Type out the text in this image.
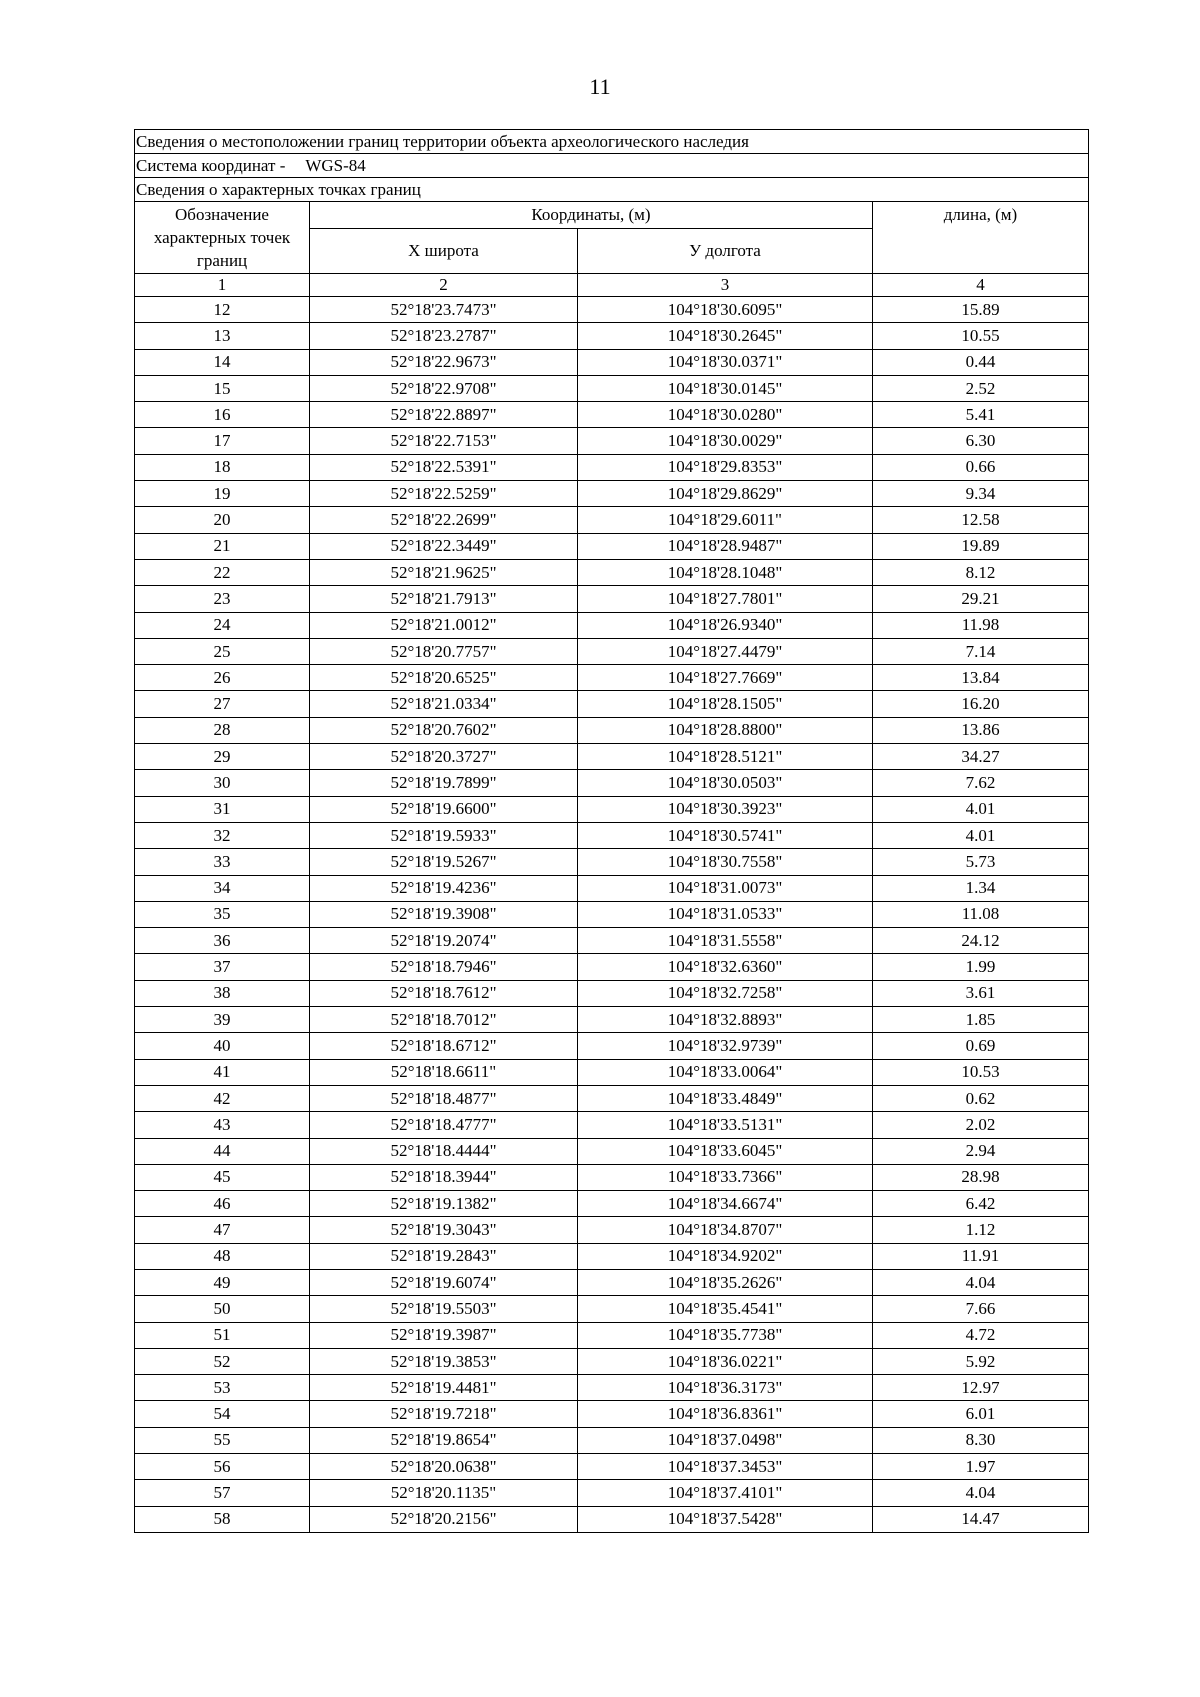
11
Сведения о местоположении границ территории объекта археологического наследия			
Система координат - WGS-84			
Сведения о характерных точках границ			
Обозначение характерных точек границ	Координаты, (м)		длина, (м)
	Х широта	У долгота	
1	2	3	4
12	52°18'23.7473"	104°18'30.6095"	15.89
13	52°18'23.2787"	104°18'30.2645"	10.55
14	52°18'22.9673"	104°18'30.0371"	0.44
15	52°18'22.9708"	104°18'30.0145"	2.52
16	52°18'22.8897"	104°18'30.0280"	5.41
17	52°18'22.7153"	104°18'30.0029"	6.30
18	52°18'22.5391"	104°18'29.8353"	0.66
19	52°18'22.5259"	104°18'29.8629"	9.34
20	52°18'22.2699"	104°18'29.6011"	12.58
21	52°18'22.3449"	104°18'28.9487"	19.89
22	52°18'21.9625"	104°18'28.1048"	8.12
23	52°18'21.7913"	104°18'27.7801"	29.21
24	52°18'21.0012"	104°18'26.9340"	11.98
25	52°18'20.7757"	104°18'27.4479"	7.14
26	52°18'20.6525"	104°18'27.7669"	13.84
27	52°18'21.0334"	104°18'28.1505"	16.20
28	52°18'20.7602"	104°18'28.8800"	13.86
29	52°18'20.3727"	104°18'28.5121"	34.27
30	52°18'19.7899"	104°18'30.0503"	7.62
31	52°18'19.6600"	104°18'30.3923"	4.01
32	52°18'19.5933"	104°18'30.5741"	4.01
33	52°18'19.5267"	104°18'30.7558"	5.73
34	52°18'19.4236"	104°18'31.0073"	1.34
35	52°18'19.3908"	104°18'31.0533"	11.08
36	52°18'19.2074"	104°18'31.5558"	24.12
37	52°18'18.7946"	104°18'32.6360"	1.99
38	52°18'18.7612"	104°18'32.7258"	3.61
39	52°18'18.7012"	104°18'32.8893"	1.85
40	52°18'18.6712"	104°18'32.9739"	0.69
41	52°18'18.6611"	104°18'33.0064"	10.53
42	52°18'18.4877"	104°18'33.4849"	0.62
43	52°18'18.4777"	104°18'33.5131"	2.02
44	52°18'18.4444"	104°18'33.6045"	2.94
45	52°18'18.3944"	104°18'33.7366"	28.98
46	52°18'19.1382"	104°18'34.6674"	6.42
47	52°18'19.3043"	104°18'34.8707"	1.12
48	52°18'19.2843"	104°18'34.9202"	11.91
49	52°18'19.6074"	104°18'35.2626"	4.04
50	52°18'19.5503"	104°18'35.4541"	7.66
51	52°18'19.3987"	104°18'35.7738"	4.72
52	52°18'19.3853"	104°18'36.0221"	5.92
53	52°18'19.4481"	104°18'36.3173"	12.97
54	52°18'19.7218"	104°18'36.8361"	6.01
55	52°18'19.8654"	104°18'37.0498"	8.30
56	52°18'20.0638"	104°18'37.3453"	1.97
57	52°18'20.1135"	104°18'37.4101"	4.04
58	52°18'20.2156"	104°18'37.5428"	14.47
